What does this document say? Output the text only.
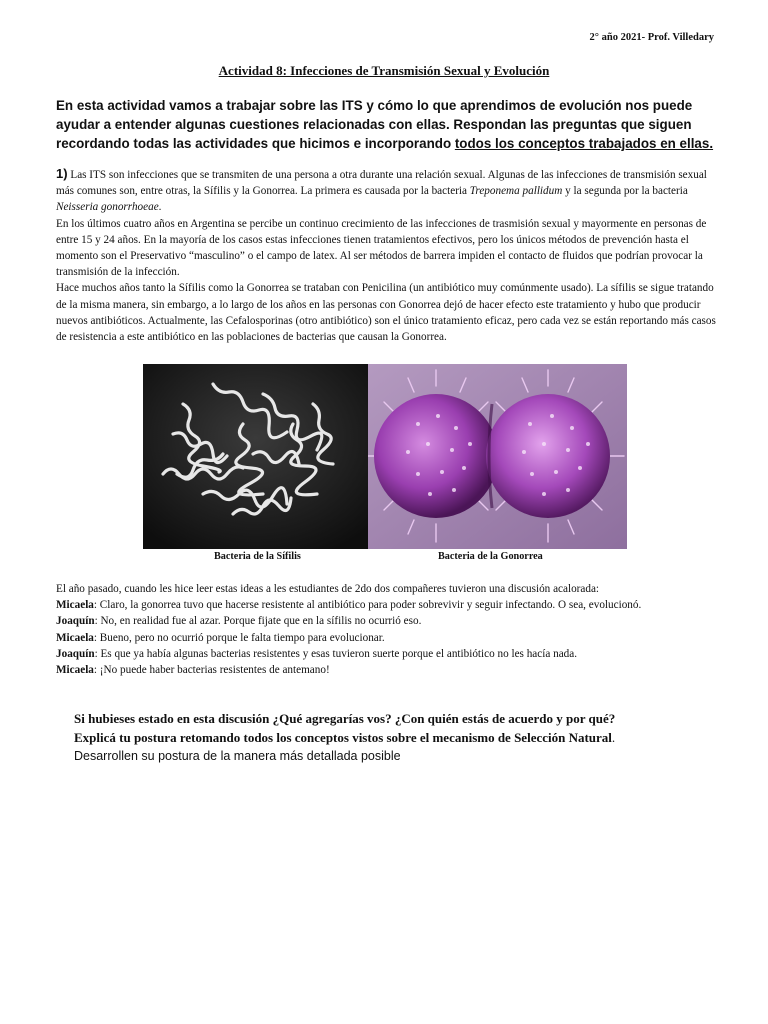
2° año 2021- Prof. Villedary
Actividad 8: Infecciones de Transmisión Sexual y Evolución
En esta actividad vamos a trabajar sobre las ITS y cómo lo que aprendimos de evolución nos puede ayudar a entender algunas cuestiones relacionadas con ellas. Respondan las preguntas que siguen recordando todas las actividades que hicimos e incorporando todos los conceptos trabajados en ellas.

1) Las ITS son infecciones que se transmiten de una persona a otra durante una relación sexual. Algunas de las infecciones de transmisión sexual más comunes son, entre otras, la Sífilis y la Gonorrea. La primera es causada por la bacteria Treponema pallidum y la segunda por la bacteria Neisseria gonorrhoeae.

En los últimos cuatro años en Argentina se percibe un continuo crecimiento de las infecciones de trasmisión sexual y mayormente en personas de entre 15 y 24 años. En la mayoría de los casos estas infecciones tienen tratamientos efectivos, pero los únicos métodos de prevención hasta el momento son el Preservativo “masculino” o el campo de latex. Al ser métodos de barrera impiden el contacto de fluidos que podrían provocar la transmisión de la infección.

Hace muchos años tanto la Sífilis como la Gonorrea se trataban con Penicilina (un antibiótico muy comúnmente usado). La sífilis se sigue tratando de la misma manera, sin embargo, a lo largo de los años en las personas con Gonorrea dejó de hacer efecto este tratamiento y hubo que producir nuevos antibióticos. Actualmente, las Cefalosporinas (otro antibiótico) son el único tratamiento eficaz, pero cada vez se están reportando más casos de resistencia a este antibiótico en las poblaciones de bacterias que causan la Gonorrea.

Bacteria de la Sífilis	Bacteria de la Gonorrea

El año pasado, cuando les hice leer estas ideas a les estudiantes de 2do dos compañeres tuvieron una discusión acalorada:

Micaela: Claro, la gonorrea tuvo que hacerse resistente al antibiótico para poder sobrevivir y seguir infectando. O sea, evolucionó.

Joaquín: No, en realidad fue al azar. Porque fijate que en la sífilis no ocurrió eso.

Micaela: Bueno, pero no ocurrió porque le falta tiempo para evolucionar.

Joaquín: Es que ya había algunas bacterias resistentes y esas tuvieron suerte porque el antibiótico no les hacía nada.

Micaela: ¡No puede haber bacterias resistentes de antemano!

Si hubieses estado en esta discusión ¿Qué agregarías vos? ¿Con quién estás de acuerdo y por qué?
Explicá tu postura retomando todos los conceptos vistos sobre el mecanismo de Selección Natural.
Desarrollen su postura de la manera más detallada posible
